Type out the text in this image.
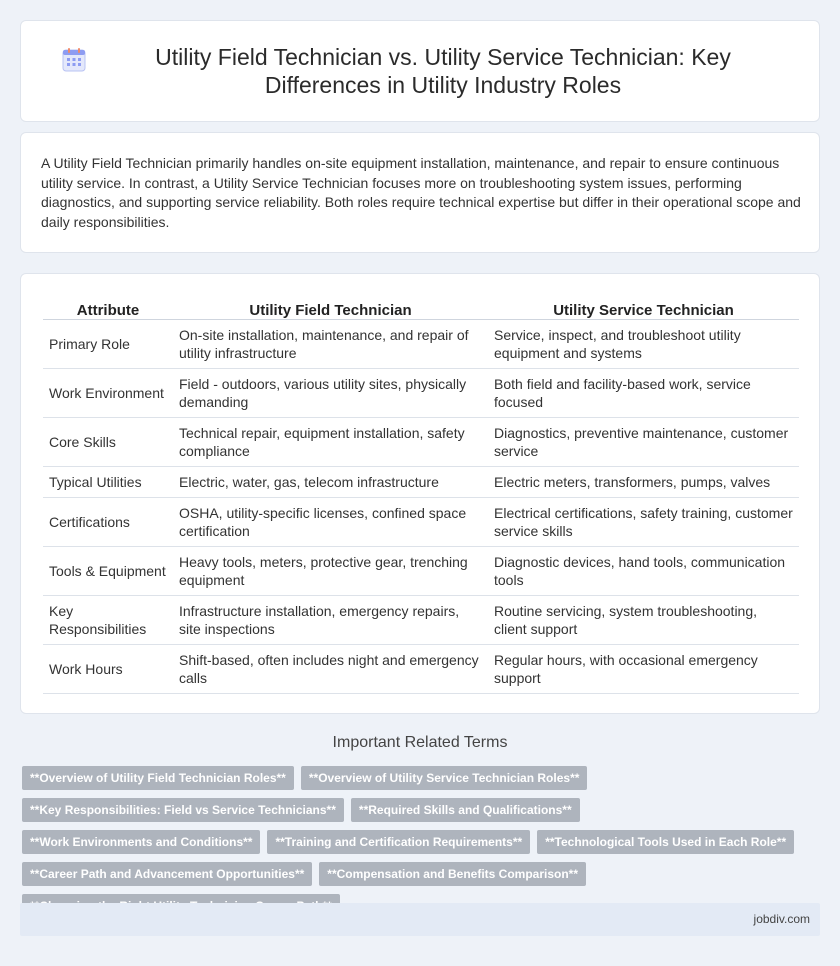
Utility Field Technician vs. Utility Service Technician: Key Differences in Utility Industry Roles

A Utility Field Technician primarily handles on-site equipment installation, maintenance, and repair to ensure continuous utility service. In contrast, a Utility Service Technician focuses more on troubleshooting system issues, performing diagnostics, and supporting service reliability. Both roles require technical expertise but differ in their operational scope and daily responsibilities.

Attribute	Utility Field Technician	Utility Service Technician
Primary Role	On-site installation, maintenance, and repair of utility infrastructure	Service, inspect, and troubleshoot utility equipment and systems
Work Environment	Field - outdoors, various utility sites, physically demanding	Both field and facility-based work, service focused
Core Skills	Technical repair, equipment installation, safety compliance	Diagnostics, preventive maintenance, customer service
Typical Utilities	Electric, water, gas, telecom infrastructure	Electric meters, transformers, pumps, valves
Certifications	OSHA, utility-specific licenses, confined space certification	Electrical certifications, safety training, customer service skills
Tools & Equipment	Heavy tools, meters, protective gear, trenching equipment	Diagnostic devices, hand tools, communication tools
Key Responsibilities	Infrastructure installation, emergency repairs, site inspections	Routine servicing, system troubleshooting, client support
Work Hours	Shift-based, often includes night and emergency calls	Regular hours, with occasional emergency support
Important Related Terms
**Overview of Utility Field Technician Roles**	**Overview of Utility Service Technician Roles**
**Key Responsibilities: Field vs Service Technicians**	**Required Skills and Qualifications**
**Work Environments and Conditions**	**Training and Certification Requirements**	**Technological Tools Used in Each Role**
**Career Path and Advancement Opportunities**	**Compensation and Benefits Comparison**
jobdiv.com
